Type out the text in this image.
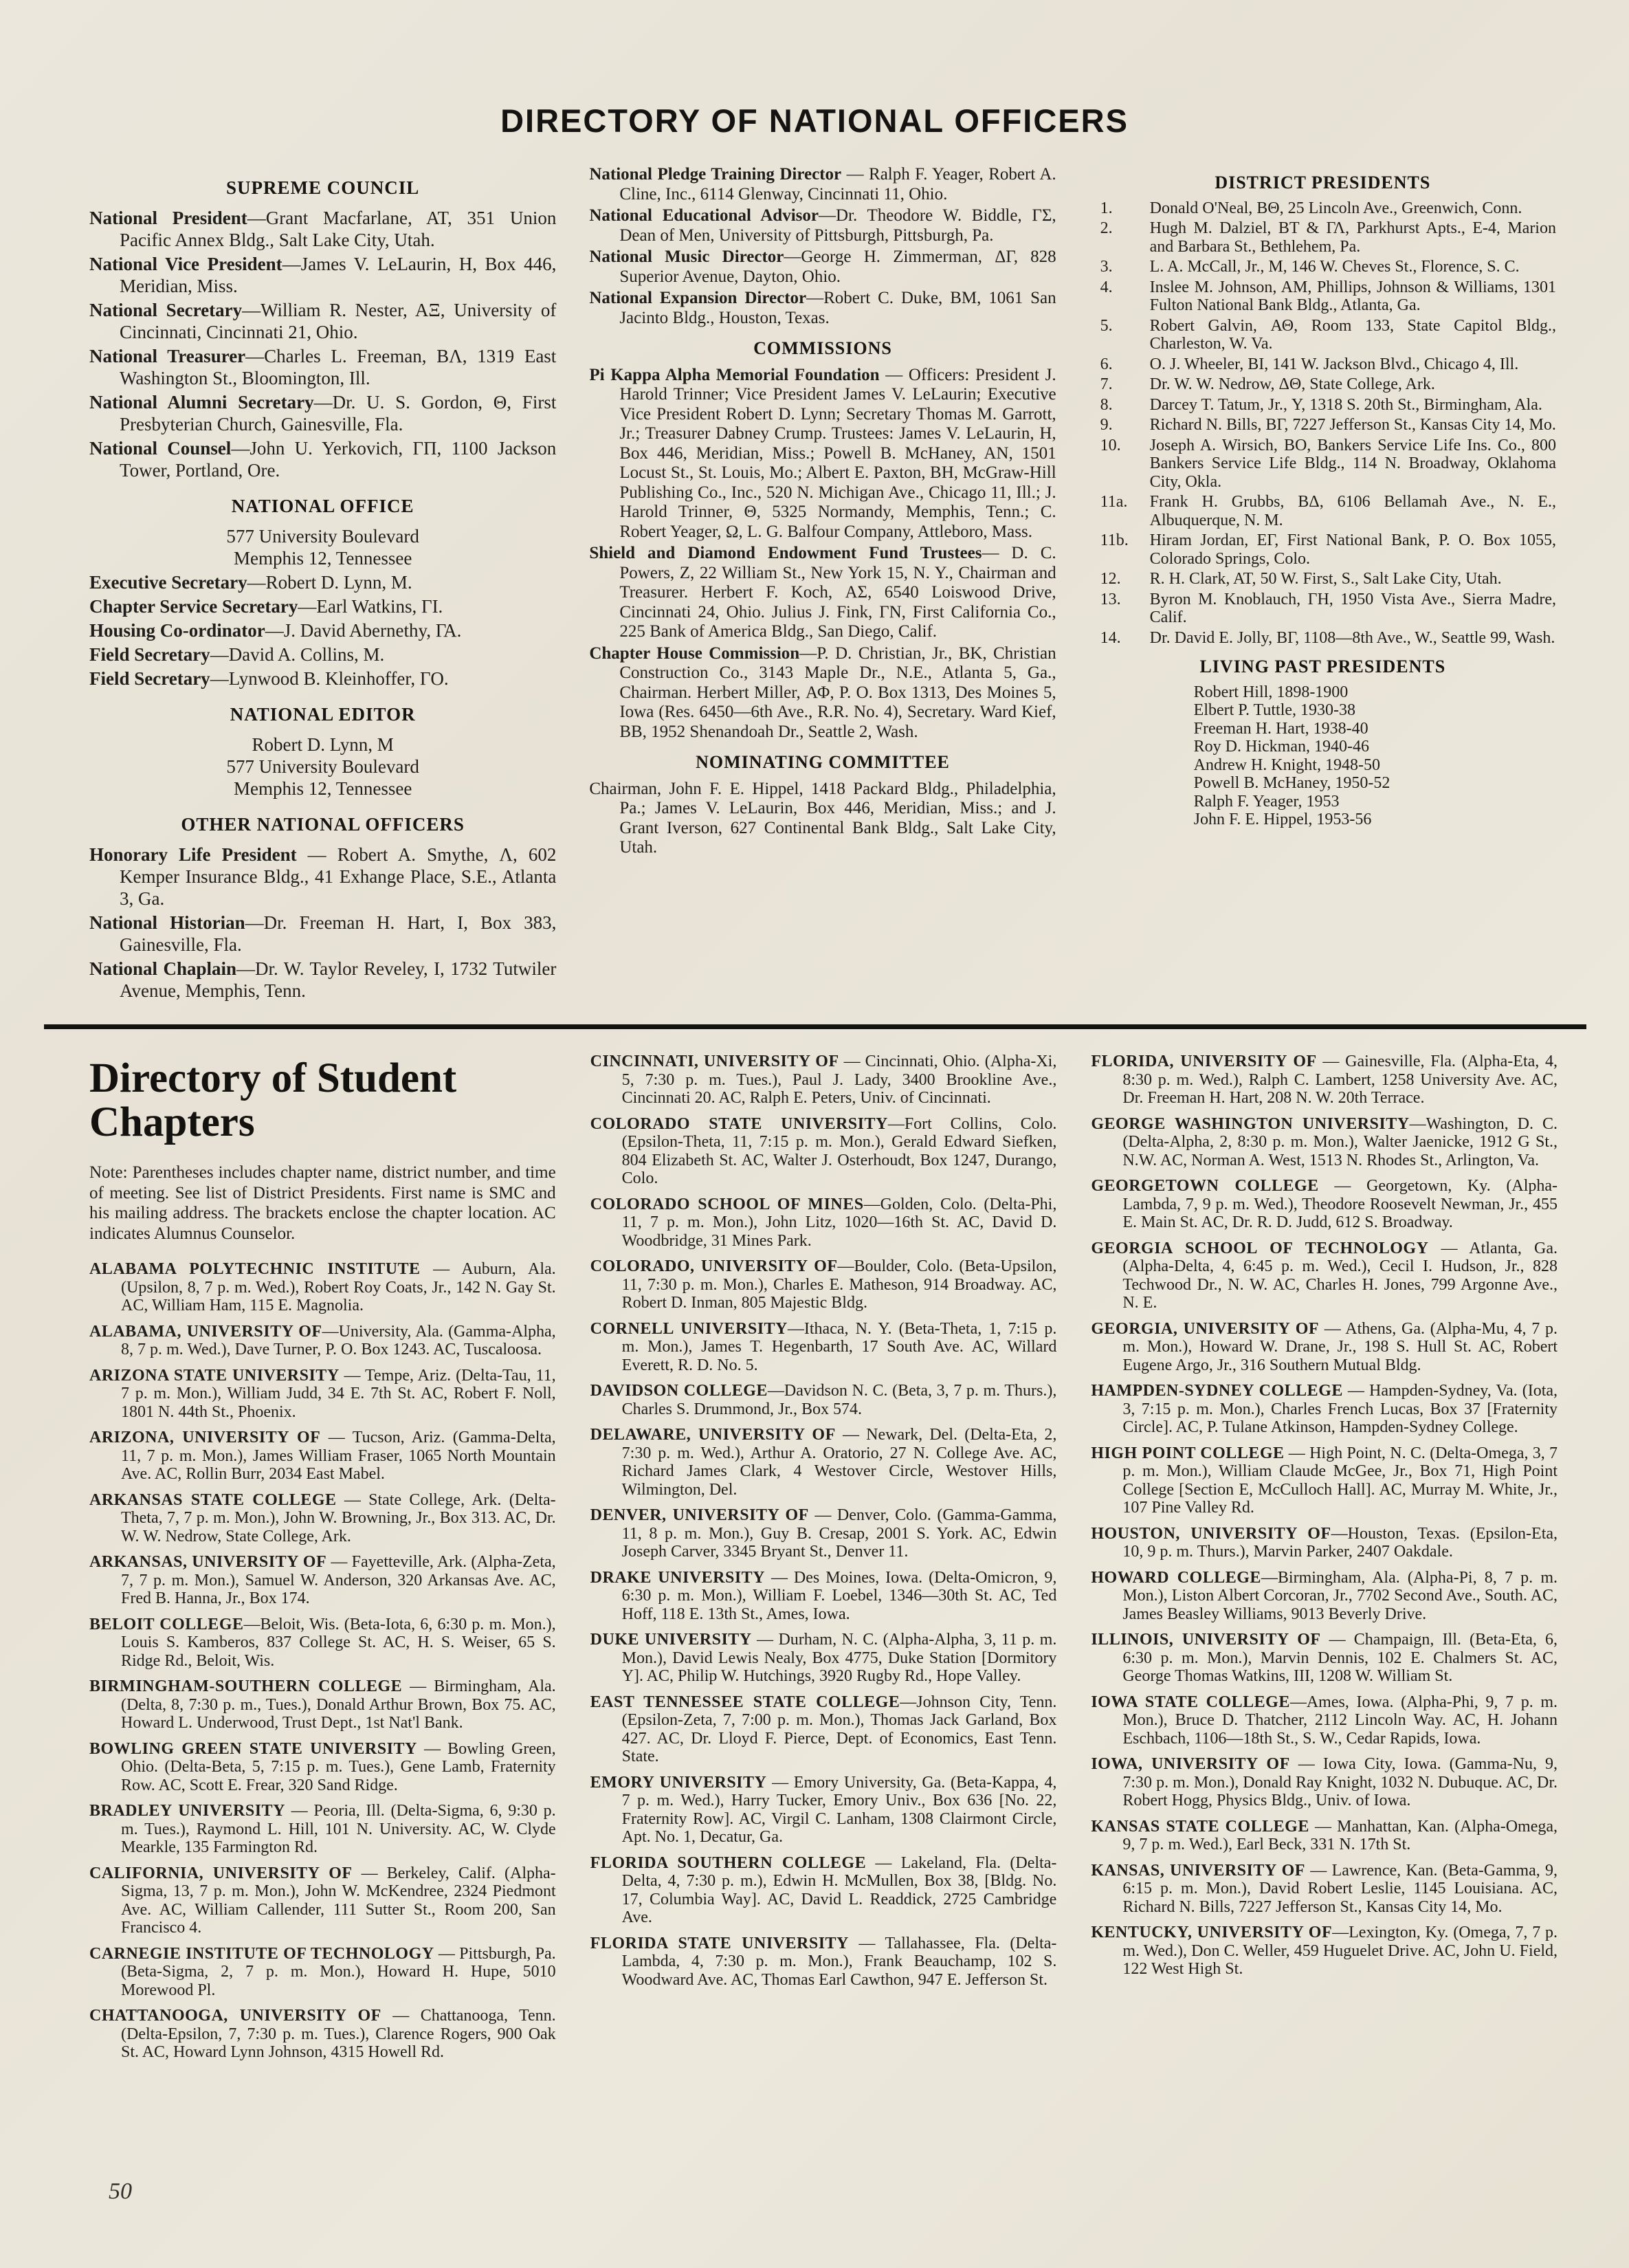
DIRECTORY OF NATIONAL OFFICERS

SUPREME COUNCIL

National President—Grant Macfarlane, AT, 351 Union Pacific Annex Bldg., Salt Lake City, Utah.

National Vice President—James V. LeLaurin, H, Box 446, Meridian, Miss.

National Secretary—William R. Nester, AΞ, University of Cincinnati, Cincinnati 21, Ohio.

National Treasurer—Charles L. Freeman, BΛ, 1319 East Washington St., Bloomington, Ill.

National Alumni Secretary—Dr. U. S. Gordon, Θ, First Presbyterian Church, Gainesville, Fla.

National Counsel—John U. Yerkovich, ΓΠ, 1100 Jackson Tower, Portland, Ore.

NATIONAL OFFICE

577 University Boulevard

Memphis 12, Tennessee

Executive Secretary—Robert D. Lynn, M.

Chapter Service Secretary—Earl Watkins, ΓΙ.

Housing Co-ordinator—J. David Abernethy, ΓΑ.

Field Secretary—David A. Collins, M.

Field Secretary—Lynwood B. Kleinhoffer, ΓΟ.

NATIONAL EDITOR

Robert D. Lynn, M

577 University Boulevard

Memphis 12, Tennessee

OTHER NATIONAL OFFICERS

Honorary Life President — Robert A. Smythe, Λ, 602 Kemper Insurance Bldg., 41 Exhange Place, S.E., Atlanta 3, Ga.

National Historian—Dr. Freeman H. Hart, I, Box 383, Gainesville, Fla.

National Chaplain—Dr. W. Taylor Reveley, I, 1732 Tutwiler Avenue, Memphis, Tenn.

National Pledge Training Director — Ralph F. Yeager, Robert A. Cline, Inc., 6114 Glenway, Cincinnati 11, Ohio.

National Educational Advisor—Dr. Theodore W. Biddle, ΓΣ, Dean of Men, University of Pittsburgh, Pittsburgh, Pa.

National Music Director—George H. Zimmerman, ΔΓ, 828 Superior Avenue, Dayton, Ohio.

National Expansion Director—Robert C. Duke, BM, 1061 San Jacinto Bldg., Houston, Texas.

COMMISSIONS

Pi Kappa Alpha Memorial Foundation — Officers: President J. Harold Trinner; Vice President James V. LeLaurin; Executive Vice President Robert D. Lynn; Secretary Thomas M. Garrott, Jr.; Treasurer Dabney Crump. Trustees: James V. LeLaurin, H, Box 446, Meridian, Miss.; Powell B. McHaney, AN, 1501 Locust St., St. Louis, Mo.; Albert E. Paxton, BH, McGraw-Hill Publishing Co., Inc., 520 N. Michigan Ave., Chicago 11, Ill.; J. Harold Trinner, Θ, 5325 Normandy, Memphis, Tenn.; C. Robert Yeager, Ω, L. G. Balfour Company, Attleboro, Mass.

Shield and Diamond Endowment Fund Trustees— D. C. Powers, Z, 22 William St., New York 15, N. Y., Chairman and Treasurer. Herbert F. Koch, ΑΣ, 6540 Loiswood Drive, Cincinnati 24, Ohio. Julius J. Fink, ΓΝ, First California Co., 225 Bank of America Bldg., San Diego, Calif.

Chapter House Commission—P. D. Christian, Jr., BK, Christian Construction Co., 3143 Maple Dr., N.E., Atlanta 5, Ga., Chairman. Herbert Miller, ΑΦ, P. O. Box 1313, Des Moines 5, Iowa (Res. 6450—6th Ave., R.R. No. 4), Secretary. Ward Kief, BB, 1952 Shenandoah Dr., Seattle 2, Wash.

NOMINATING COMMITTEE

Chairman, John F. E. Hippel, 1418 Packard Bldg., Philadelphia, Pa.; James V. LeLaurin, Box 446, Meridian, Miss.; and J. Grant Iverson, 627 Continental Bank Bldg., Salt Lake City, Utah.

DISTRICT PRESIDENTS

1. Donald O'Neal, BΘ, 25 Lincoln Ave., Greenwich, Conn.

2. Hugh M. Dalziel, BT & ΓΛ, Parkhurst Apts., E-4, Marion and Barbara St., Bethlehem, Pa.

3. L. A. McCall, Jr., M, 146 W. Cheves St., Florence, S. C.

4. Inslee M. Johnson, AM, Phillips, Johnson & Williams, 1301 Fulton National Bank Bldg., Atlanta, Ga.

5. Robert Galvin, ΑΘ, Room 133, State Capitol Bldg., Charleston, W. Va.

6. O. J. Wheeler, BI, 141 W. Jackson Blvd., Chicago 4, Ill.

7. Dr. W. W. Nedrow, ΔΘ, State College, Ark.

8. Darcey T. Tatum, Jr., Υ, 1318 S. 20th St., Birmingham, Ala.

9. Richard N. Bills, BΓ, 7227 Jefferson St., Kansas City 14, Mo.

10. Joseph A. Wirsich, BO, Bankers Service Life Ins. Co., 800 Bankers Service Life Bldg., 114 N. Broadway, Oklahoma City, Okla.

11a. Frank H. Grubbs, ΒΔ, 6106 Bellamah Ave., N. E., Albuquerque, N. M.

11b. Hiram Jordan, ΕΓ, First National Bank, P. O. Box 1055, Colorado Springs, Colo.

12. R. H. Clark, AT, 50 W. First, S., Salt Lake City, Utah.

13. Byron M. Knoblauch, ΓΗ, 1950 Vista Ave., Sierra Madre, Calif.

14. Dr. David E. Jolly, ΒΓ, 1108—8th Ave., W., Seattle 99, Wash.

LIVING PAST PRESIDENTS

Robert Hill, 1898-1900

Elbert P. Tuttle, 1930-38

Freeman H. Hart, 1938-40

Roy D. Hickman, 1940-46

Andrew H. Knight, 1948-50

Powell B. McHaney, 1950-52

Ralph F. Yeager, 1953

John F. E. Hippel, 1953-56

Directory of Student Chapters

Note: Parentheses includes chapter name, district number, and time of meeting. See list of District Presidents. First name is SMC and his mailing address. The brackets enclose the chapter location. AC indicates Alumnus Counselor.

ALABAMA POLYTECHNIC INSTITUTE — Auburn, Ala. (Upsilon, 8, 7 p. m. Wed.), Robert Roy Coats, Jr., 142 N. Gay St. AC, William Ham, 115 E. Magnolia.

ALABAMA, UNIVERSITY OF—University, Ala. (Gamma-Alpha, 8, 7 p. m. Wed.), Dave Turner, P. O. Box 1243. AC, Tuscaloosa.

ARIZONA STATE UNIVERSITY — Tempe, Ariz. (Delta-Tau, 11, 7 p. m. Mon.), William Judd, 34 E. 7th St. AC, Robert F. Noll, 1801 N. 44th St., Phoenix.

ARIZONA, UNIVERSITY OF — Tucson, Ariz. (Gamma-Delta, 11, 7 p. m. Mon.), James William Fraser, 1065 North Mountain Ave. AC, Rollin Burr, 2034 East Mabel.

ARKANSAS STATE COLLEGE — State College, Ark. (Delta-Theta, 7, 7 p. m. Mon.), John W. Browning, Jr., Box 313. AC, Dr. W. W. Nedrow, State College, Ark.

ARKANSAS, UNIVERSITY OF — Fayetteville, Ark. (Alpha-Zeta, 7, 7 p. m. Mon.), Samuel W. Anderson, 320 Arkansas Ave. AC, Fred B. Hanna, Jr., Box 174.

BELOIT COLLEGE—Beloit, Wis. (Beta-Iota, 6, 6:30 p. m. Mon.), Louis S. Kamberos, 837 College St. AC, H. S. Weiser, 65 S. Ridge Rd., Beloit, Wis.

BIRMINGHAM-SOUTHERN COLLEGE — Birmingham, Ala. (Delta, 8, 7:30 p. m., Tues.), Donald Arthur Brown, Box 75. AC, Howard L. Underwood, Trust Dept., 1st Nat'l Bank.

BOWLING GREEN STATE UNIVERSITY — Bowling Green, Ohio. (Delta-Beta, 5, 7:15 p. m. Tues.), Gene Lamb, Fraternity Row. AC, Scott E. Frear, 320 Sand Ridge.

BRADLEY UNIVERSITY — Peoria, Ill. (Delta-Sigma, 6, 9:30 p. m. Tues.), Raymond L. Hill, 101 N. University. AC, W. Clyde Mearkle, 135 Farmington Rd.

CALIFORNIA, UNIVERSITY OF — Berkeley, Calif. (Alpha-Sigma, 13, 7 p. m. Mon.), John W. McKendree, 2324 Piedmont Ave. AC, William Callender, 111 Sutter St., Room 200, San Francisco 4.

CARNEGIE INSTITUTE OF TECHNOLOGY — Pittsburgh, Pa. (Beta-Sigma, 2, 7 p. m. Mon.), Howard H. Hupe, 5010 Morewood Pl.

CHATTANOOGA, UNIVERSITY OF — Chattanooga, Tenn. (Delta-Epsilon, 7, 7:30 p. m. Tues.), Clarence Rogers, 900 Oak St. AC, Howard Lynn Johnson, 4315 Howell Rd.

CINCINNATI, UNIVERSITY OF — Cincinnati, Ohio. (Alpha-Xi, 5, 7:30 p. m. Tues.), Paul J. Lady, 3400 Brookline Ave., Cincinnati 20. AC, Ralph E. Peters, Univ. of Cincinnati.

COLORADO STATE UNIVERSITY—Fort Collins, Colo. (Epsilon-Theta, 11, 7:15 p. m. Mon.), Gerald Edward Siefken, 804 Elizabeth St. AC, Walter J. Osterhoudt, Box 1247, Durango, Colo.

COLORADO SCHOOL OF MINES—Golden, Colo. (Delta-Phi, 11, 7 p. m. Mon.), John Litz, 1020—16th St. AC, David D. Woodbridge, 31 Mines Park.

COLORADO, UNIVERSITY OF—Boulder, Colo. (Beta-Upsilon, 11, 7:30 p. m. Mon.), Charles E. Matheson, 914 Broadway. AC, Robert D. Inman, 805 Majestic Bldg.

CORNELL UNIVERSITY—Ithaca, N. Y. (Beta-Theta, 1, 7:15 p. m. Mon.), James T. Hegenbarth, 17 South Ave. AC, Willard Everett, R. D. No. 5.

DAVIDSON COLLEGE—Davidson N. C. (Beta, 3, 7 p. m. Thurs.), Charles S. Drummond, Jr., Box 574.

DELAWARE, UNIVERSITY OF — Newark, Del. (Delta-Eta, 2, 7:30 p. m. Wed.), Arthur A. Oratorio, 27 N. College Ave. AC, Richard James Clark, 4 Westover Circle, Westover Hills, Wilmington, Del.

DENVER, UNIVERSITY OF — Denver, Colo. (Gamma-Gamma, 11, 8 p. m. Mon.), Guy B. Cresap, 2001 S. York. AC, Edwin Joseph Carver, 3345 Bryant St., Denver 11.

DRAKE UNIVERSITY — Des Moines, Iowa. (Delta-Omicron, 9, 6:30 p. m. Mon.), William F. Loebel, 1346—30th St. AC, Ted Hoff, 118 E. 13th St., Ames, Iowa.

DUKE UNIVERSITY — Durham, N. C. (Alpha-Alpha, 3, 11 p. m. Mon.), David Lewis Nealy, Box 4775, Duke Station [Dormitory Y]. AC, Philip W. Hutchings, 3920 Rugby Rd., Hope Valley.

EAST TENNESSEE STATE COLLEGE—Johnson City, Tenn. (Epsilon-Zeta, 7, 7:00 p. m. Mon.), Thomas Jack Garland, Box 427. AC, Dr. Lloyd F. Pierce, Dept. of Economics, East Tenn. State.

EMORY UNIVERSITY — Emory University, Ga. (Beta-Kappa, 4, 7 p. m. Wed.), Harry Tucker, Emory Univ., Box 636 [No. 22, Fraternity Row]. AC, Virgil C. Lanham, 1308 Clairmont Circle, Apt. No. 1, Decatur, Ga.

FLORIDA SOUTHERN COLLEGE — Lakeland, Fla. (Delta-Delta, 4, 7:30 p. m.), Edwin H. McMullen, Box 38, [Bldg. No. 17, Columbia Way]. AC, David L. Readdick, 2725 Cambridge Ave.

FLORIDA STATE UNIVERSITY — Tallahassee, Fla. (Delta-Lambda, 4, 7:30 p. m. Mon.), Frank Beauchamp, 102 S. Woodward Ave. AC, Thomas Earl Cawthon, 947 E. Jefferson St.

FLORIDA, UNIVERSITY OF — Gainesville, Fla. (Alpha-Eta, 4, 8:30 p. m. Wed.), Ralph C. Lambert, 1258 University Ave. AC, Dr. Freeman H. Hart, 208 N. W. 20th Terrace.

GEORGE WASHINGTON UNIVERSITY—Washington, D. C. (Delta-Alpha, 2, 8:30 p. m. Mon.), Walter Jaenicke, 1912 G St., N.W. AC, Norman A. West, 1513 N. Rhodes St., Arlington, Va.

GEORGETOWN COLLEGE — Georgetown, Ky. (Alpha-Lambda, 7, 9 p. m. Wed.), Theodore Roosevelt Newman, Jr., 455 E. Main St. AC, Dr. R. D. Judd, 612 S. Broadway.

GEORGIA SCHOOL OF TECHNOLOGY — Atlanta, Ga. (Alpha-Delta, 4, 6:45 p. m. Wed.), Cecil I. Hudson, Jr., 828 Techwood Dr., N. W. AC, Charles H. Jones, 799 Argonne Ave., N. E.

GEORGIA, UNIVERSITY OF — Athens, Ga. (Alpha-Mu, 4, 7 p. m. Mon.), Howard W. Drane, Jr., 198 S. Hull St. AC, Robert Eugene Argo, Jr., 316 Southern Mutual Bldg.

HAMPDEN-SYDNEY COLLEGE — Hampden-Sydney, Va. (Iota, 3, 7:15 p. m. Mon.), Charles French Lucas, Box 37 [Fraternity Circle]. AC, P. Tulane Atkinson, Hampden-Sydney College.

HIGH POINT COLLEGE — High Point, N. C. (Delta-Omega, 3, 7 p. m. Mon.), William Claude McGee, Jr., Box 71, High Point College [Section E, McCulloch Hall]. AC, Murray M. White, Jr., 107 Pine Valley Rd.

HOUSTON, UNIVERSITY OF—Houston, Texas. (Epsilon-Eta, 10, 9 p. m. Thurs.), Marvin Parker, 2407 Oakdale.

HOWARD COLLEGE—Birmingham, Ala. (Alpha-Pi, 8, 7 p. m. Mon.), Liston Albert Corcoran, Jr., 7702 Second Ave., South. AC, James Beasley Williams, 9013 Beverly Drive.

ILLINOIS, UNIVERSITY OF — Champaign, Ill. (Beta-Eta, 6, 6:30 p. m. Mon.), Marvin Dennis, 102 E. Chalmers St. AC, George Thomas Watkins, III, 1208 W. William St.

IOWA STATE COLLEGE—Ames, Iowa. (Alpha-Phi, 9, 7 p. m. Mon.), Bruce D. Thatcher, 2112 Lincoln Way. AC, H. Johann Eschbach, 1106—18th St., S. W., Cedar Rapids, Iowa.

IOWA, UNIVERSITY OF — Iowa City, Iowa. (Gamma-Nu, 9, 7:30 p. m. Mon.), Donald Ray Knight, 1032 N. Dubuque. AC, Dr. Robert Hogg, Physics Bldg., Univ. of Iowa.

KANSAS STATE COLLEGE — Manhattan, Kan. (Alpha-Omega, 9, 7 p. m. Wed.), Earl Beck, 331 N. 17th St.

KANSAS, UNIVERSITY OF — Lawrence, Kan. (Beta-Gamma, 9, 6:15 p. m. Mon.), David Robert Leslie, 1145 Louisiana. AC, Richard N. Bills, 7227 Jefferson St., Kansas City 14, Mo.

KENTUCKY, UNIVERSITY OF—Lexington, Ky. (Omega, 7, 7 p. m. Wed.), Don C. Weller, 459 Huguelet Drive. AC, John U. Field, 122 West High St.

50
